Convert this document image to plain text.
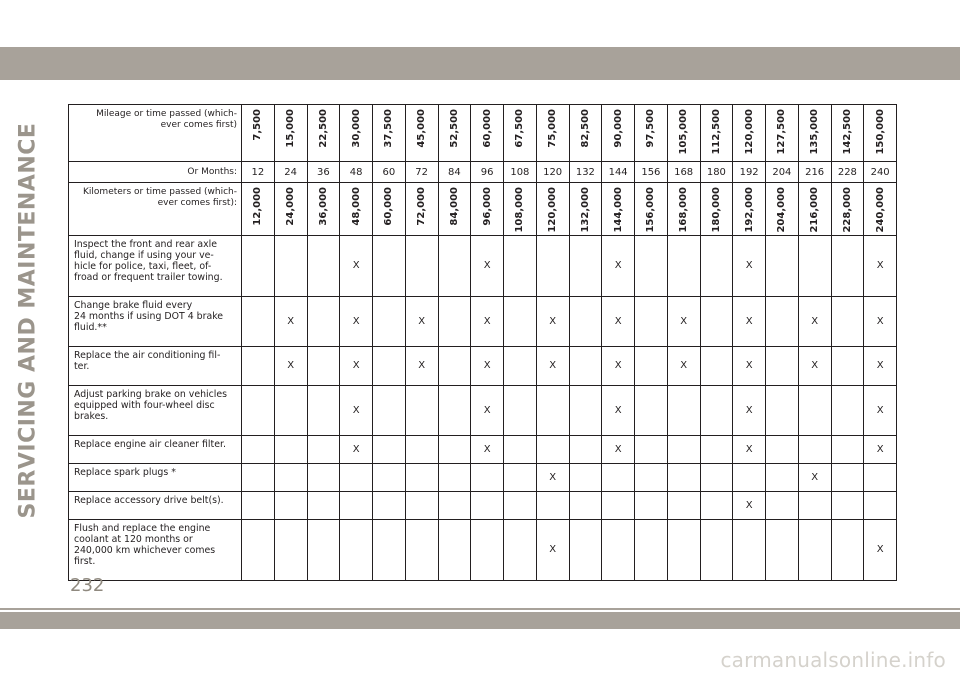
SERVICING AND MAINTENANCE
Mileage or time passed (which-
ever comes first)	7,500	15,000	22,500	30,000	37,500	45,000	52,500	60,000	67,500	75,000	82,500	90,000	97,500	105,000	112,500	120,000	127,500	135,000	142,500	150,000

Or Months:	12	24	36	48	60	72	84	96	108	120	132	144	156	168	180	192	204	216	228	240

Kilometers or time passed (which-
ever comes first):	12,000	24,000	36,000	48,000	60,000	72,000	84,000	96,000	108,000	120,000	132,000	144,000	156,000	168,000	180,000	192,000	204,000	216,000	228,000	240,000

Inspect the front and rear axle
fluid, change if using your ve-
hicle for police, taxi, fleet, of-
froad or frequent trailer towing.				X				X				X				X				X

Change brake fluid every
24 months if using DOT 4 brake
fluid.**		X		X		X		X		X		X		X		X		X		X

Replace the air conditioning fil-
ter.		X		X		X		X		X		X		X		X		X		X

Adjust parking brake on vehicles
equipped with four-wheel disc
brakes.				X				X				X				X				X

Replace engine air cleaner filter.				X				X				X				X				X

Replace spark plugs *										X								X		

Replace accessory drive belt(s).																X				

Flush and replace the engine
coolant at 120 months or
240,000 km whichever comes
first.										X										X
232
carmanualsonline.info
